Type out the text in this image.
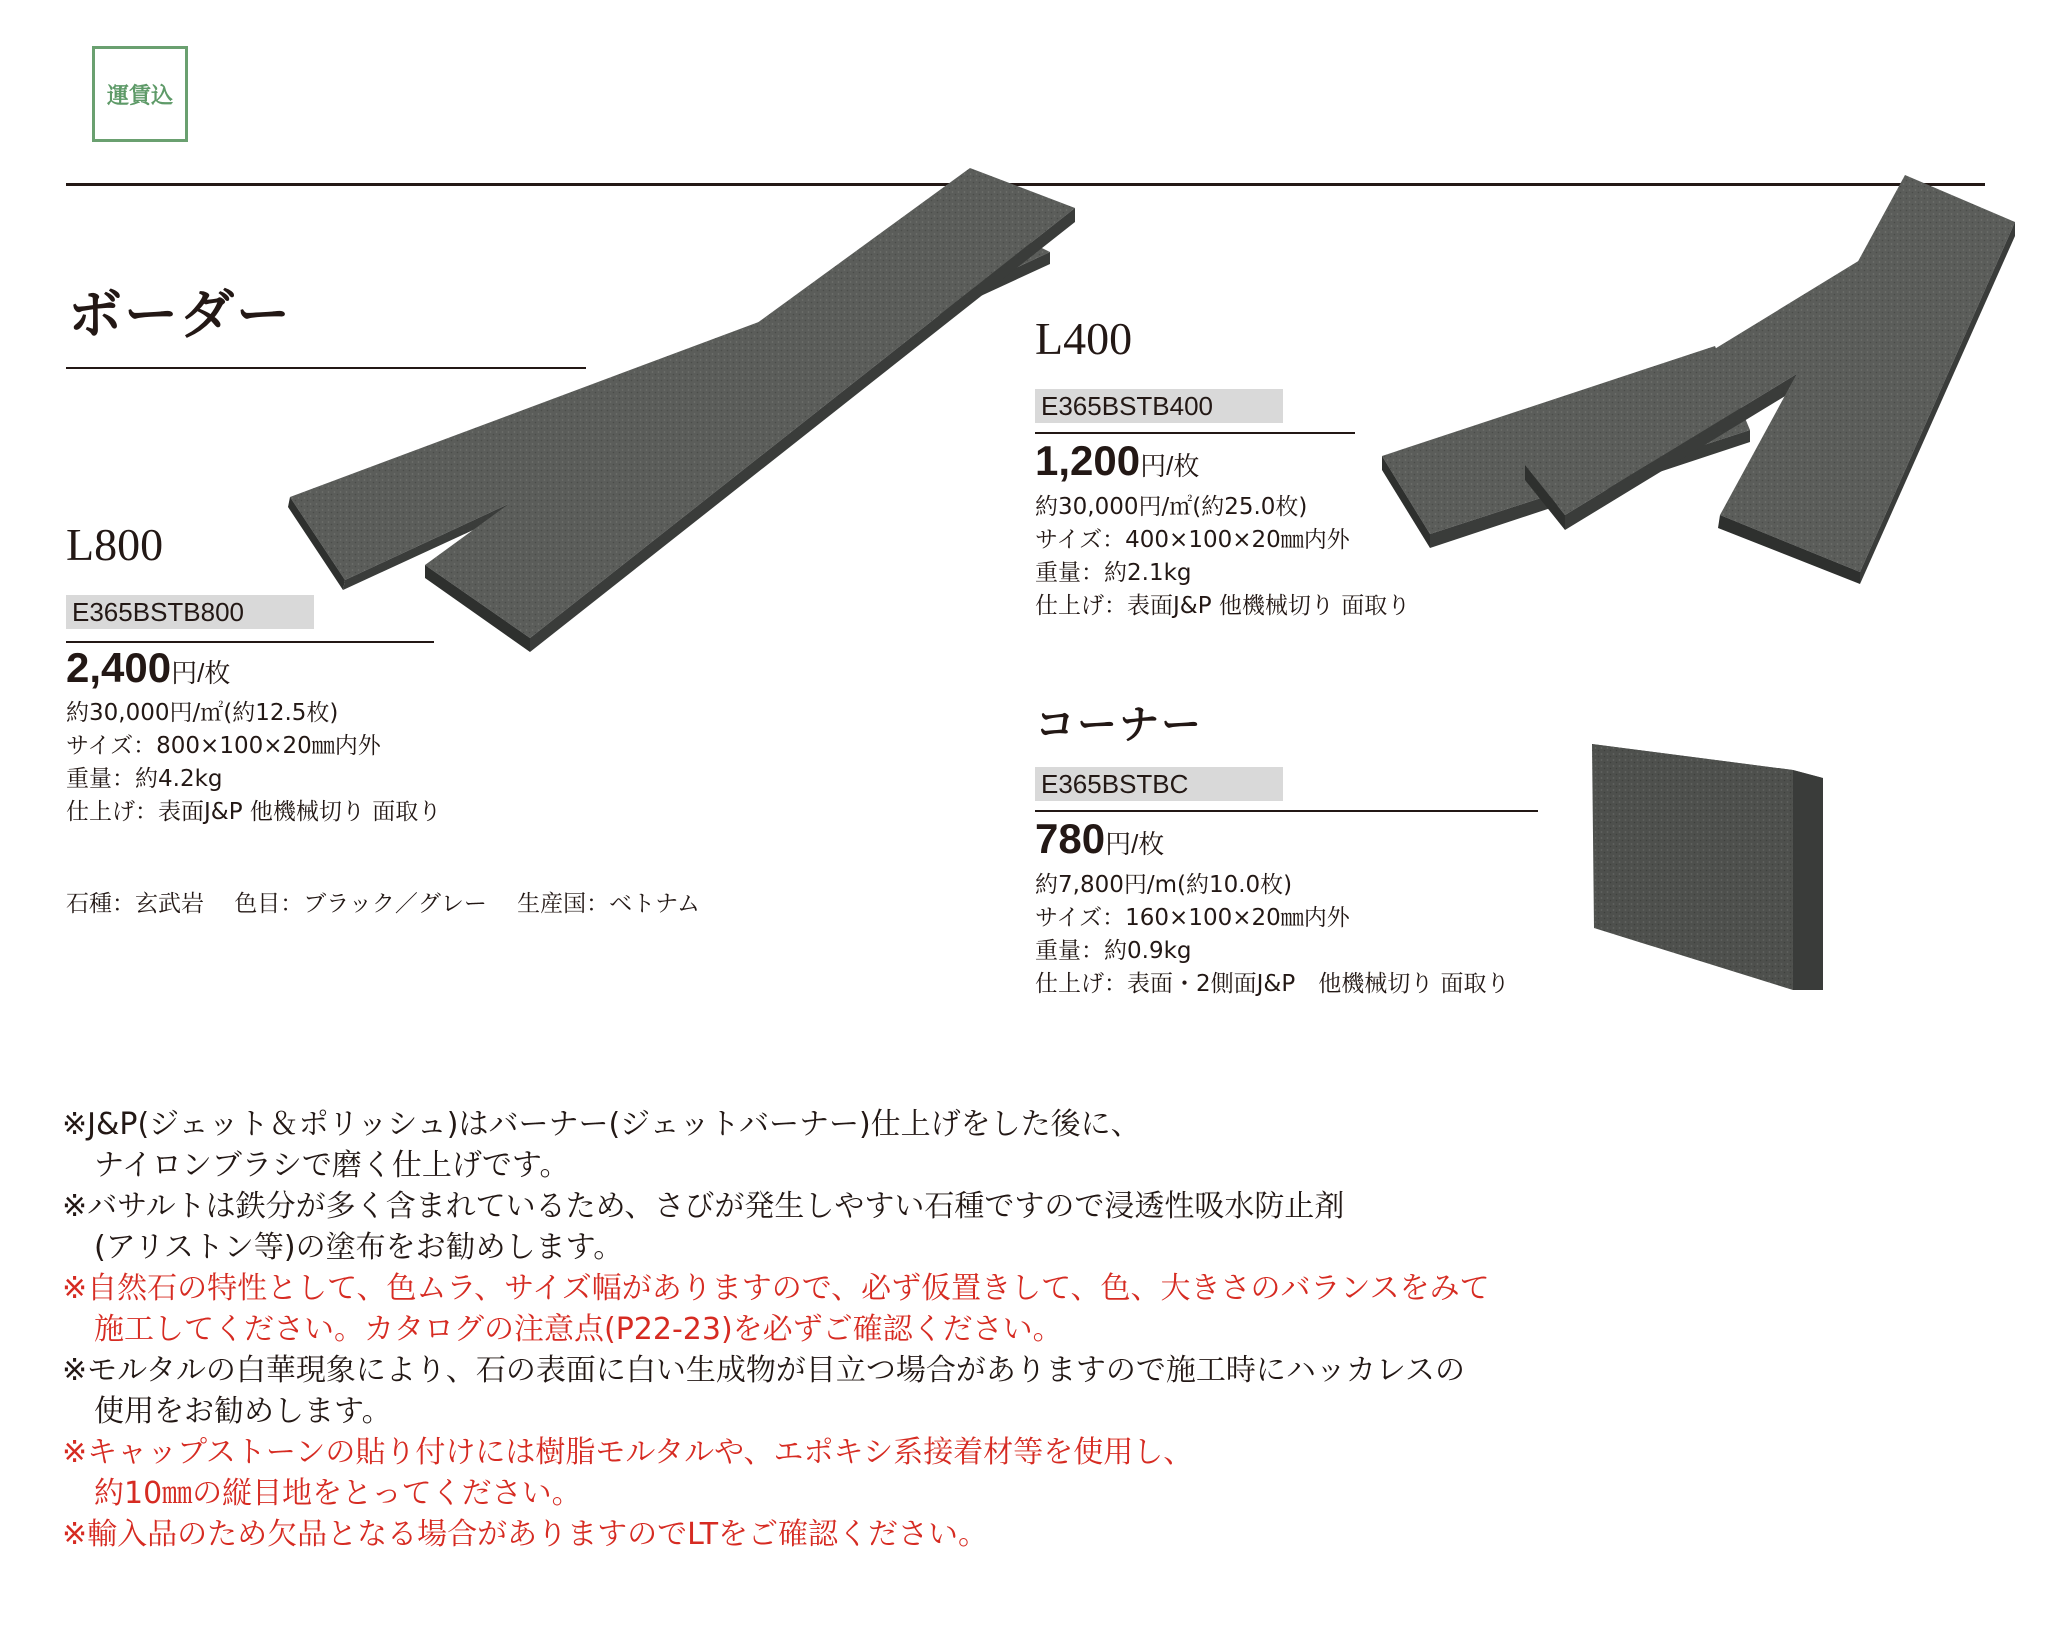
運賃込
ボーダー
L800
E365BSTB800
2,400円/枚
約30,000円/㎡(約12.5枚)
サイズ：800×100×20㎜内外
重量：約4.2kg
仕上げ：表面J&P 他機械切り 面取り
石種：玄武岩　 色目：ブラック／グレー　 生産国：ベトナム
L400
E365BSTB400
1,200円/枚
約30,000円/㎡(約25.0枚)
サイズ：400×100×20㎜内外
重量：約2.1kg
仕上げ：表面J&P 他機械切り 面取り
コーナー
E365BSTBC
780円/枚
約7,800円/m(約10.0枚)
サイズ：160×100×20㎜内外
重量：約0.9kg
仕上げ：表面・2側面J&P　他機械切り 面取り
※J&P(ジェット＆ポリッシュ)はバーナー(ジェットバーナー)仕上げをした後に、
ナイロンブラシで磨く仕上げです。
※バサルトは鉄分が多く含まれているため、さびが発生しやすい石種ですので浸透性吸水防止剤
(アリストン等)の塗布をお勧めします。
※自然石の特性として、色ムラ、サイズ幅がありますので、必ず仮置きして、色、大きさのバランスをみて
施工してください。カタログの注意点(P22-23)を必ずご確認ください。
※モルタルの白華現象により、石の表面に白い生成物が目立つ場合がありますので施工時にハッカレスの
使用をお勧めします。
※キャップストーンの貼り付けには樹脂モルタルや、エポキシ系接着材等を使用し、
約10㎜の縦目地をとってください。
※輸入品のため欠品となる場合がありますのでLTをご確認ください。
